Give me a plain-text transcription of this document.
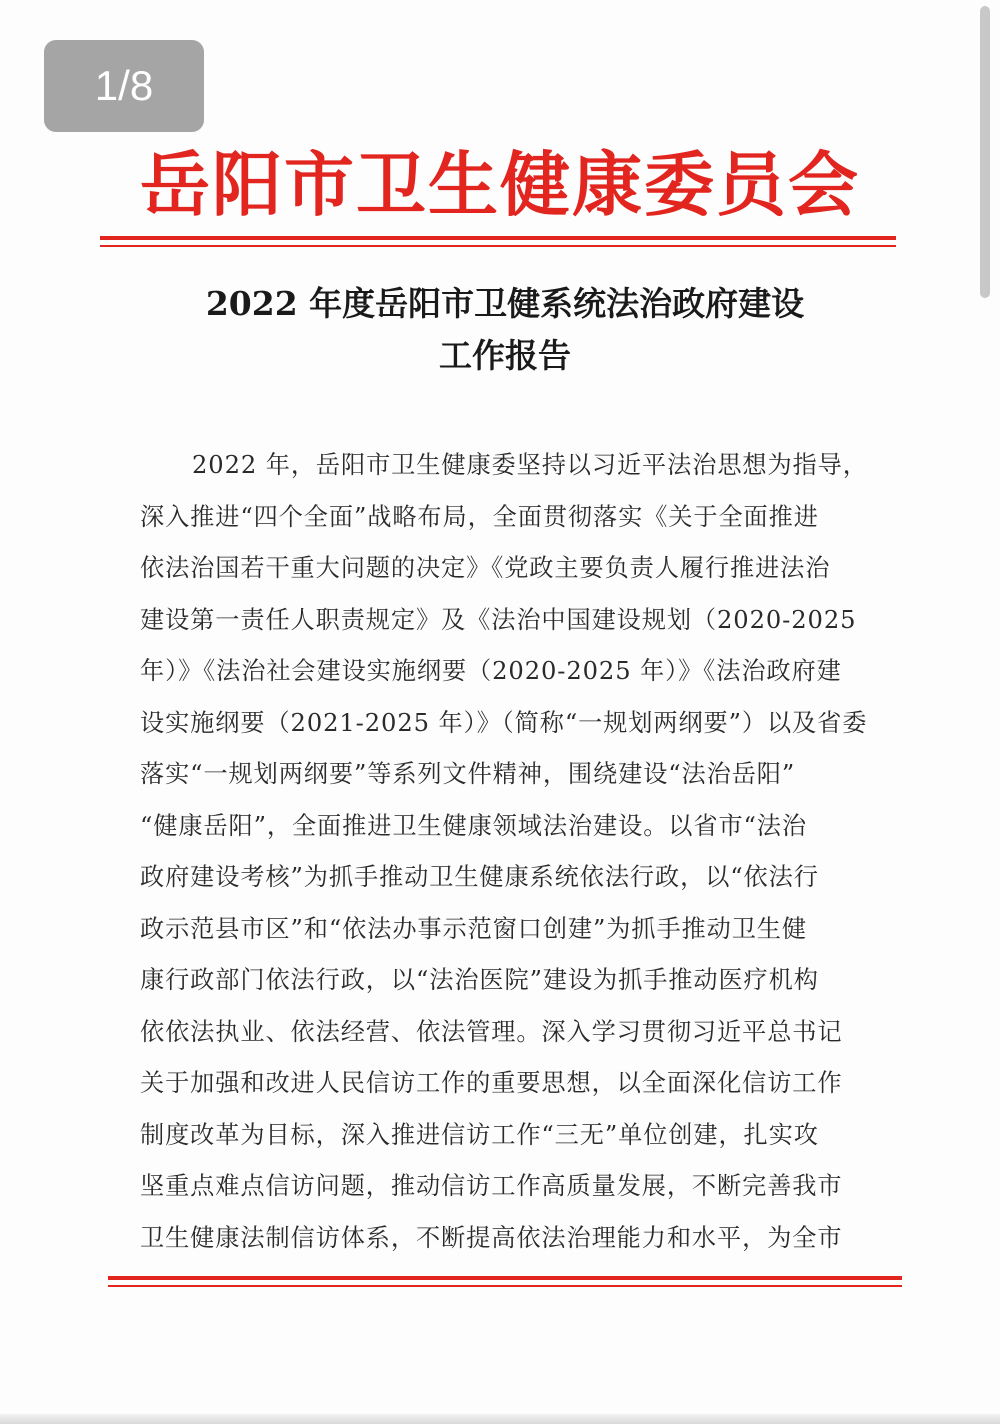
岳阳市卫生健康委员会
2022 年度岳阳市卫健系统法治政府建设
工作报告
2022 年，岳阳市卫生健康委坚持以习近平法治思想为指导，
深入推进“四个全面”战略布局，全面贯彻落实《关于全面推进
依法治国若干重大问题的决定》《党政主要负责人履行推进法治
建设第一责任人职责规定》及《法治中国建设规划（2020-2025
年）》《法治社会建设实施纲要（2020-2025 年）》《法治政府建
设实施纲要（2021-2025 年）》（简称“一规划两纲要”）以及省委
落实“一规划两纲要”等系列文件精神，围绕建设“法治岳阳”
“健康岳阳”，全面推进卫生健康领域法治建设。以省市“法治
政府建设考核”为抓手推动卫生健康系统依法行政，以“依法行
政示范县市区”和“依法办事示范窗口创建”为抓手推动卫生健
康行政部门依法行政，以“法治医院”建设为抓手推动医疗机构
依依法执业、依法经营、依法管理。深入学习贯彻习近平总书记
关于加强和改进人民信访工作的重要思想，以全面深化信访工作
制度改革为目标，深入推进信访工作“三无”单位创建，扎实攻
坚重点难点信访问题，推动信访工作高质量发展，不断完善我市
卫生健康法制信访体系，不断提高依法治理能力和水平，为全市
1/8
